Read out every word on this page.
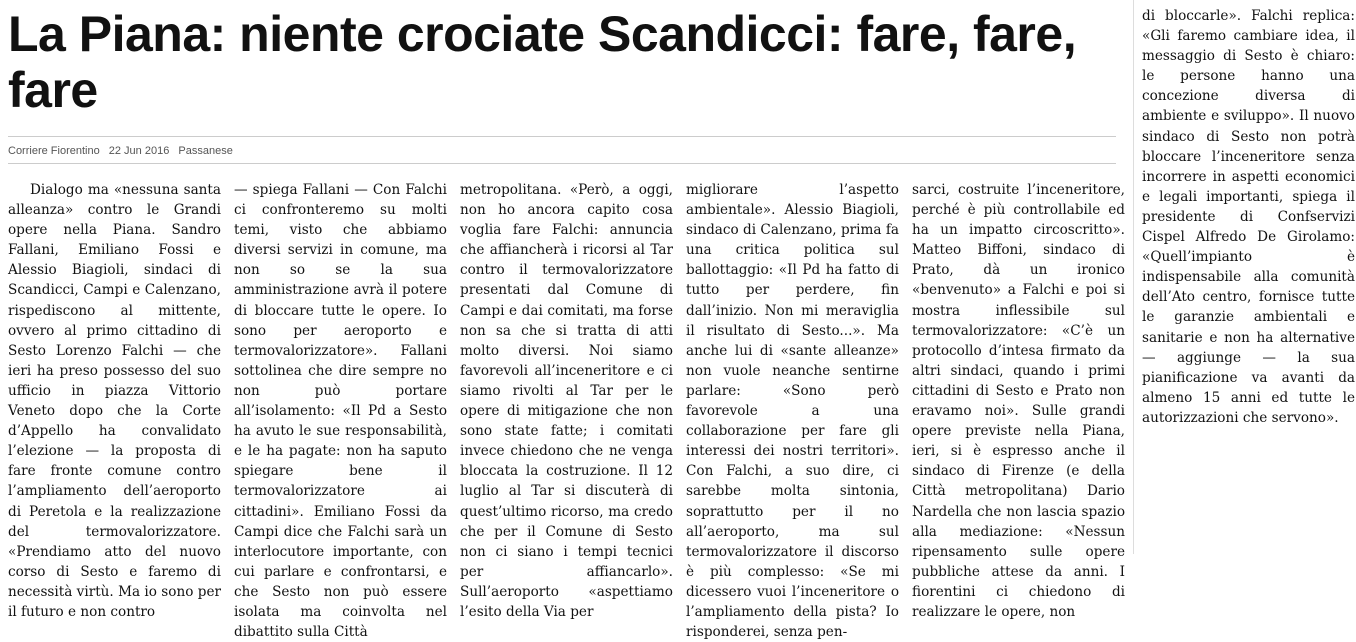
La Piana: niente crociate Scandicci: fare, fare, fare
Corriere Fiorentino 22 Jun 2016 Passanese

Dialogo ma «nessuna santa alleanza» contro le Grandi opere nella Piana. Sandro Fallani, Emiliano Fossi e Alessio Biagioli, sindaci di Scandicci, Campi e Calenzano, rispediscono al mittente, ovvero al primo cittadino di Sesto Lorenzo Falchi — che ieri ha preso possesso del suo ufficio in piazza Vittorio Veneto dopo che la Corte d’Appello ha convalidato l’elezione — la proposta di fare fronte comune contro l’ampliamento dell’aeroporto di Peretola e la realizzazione del termovalorizzatore. «Prendiamo atto del nuovo corso di Sesto e faremo di necessità virtù. Ma io sono per il futuro e non contro

— spiega Fallani — Con Falchi ci confronteremo su molti temi, visto che abbiamo diversi servizi in comune, ma non so se la sua amministrazione avrà il potere di bloccare tutte le opere. Io sono per aeroporto e termovalorizzatore». Fallani sottolinea che dire sempre no non può portare all’isolamento: «Il Pd a Sesto ha avuto le sue responsabilità, e le ha pagate: non ha saputo spiegare bene il termovalorizzatore ai cittadini». Emiliano Fossi da Campi dice che Falchi sarà un interlocutore importante, con cui parlare e confrontarsi, e che Sesto non può essere isolata ma coinvolta nel dibattito sulla Città

metropolitana. «Però, a oggi, non ho ancora capito cosa voglia fare Falchi: annuncia che affiancherà i ricorsi al Tar contro il termovalorizzatore presentati dal Comune di Campi e dai comitati, ma forse non sa che si tratta di atti molto diversi. Noi siamo favorevoli all’inceneritore e ci siamo rivolti al Tar per le opere di mitigazione che non sono state fatte; i comitati invece chiedono che ne venga bloccata la costruzione. Il 12 luglio al Tar si discuterà di quest’ultimo ricorso, ma credo che per il Comune di Sesto non ci siano i tempi tecnici per affiancarlo». Sull’aeroporto «aspettiamo l’esito della Via per

migliorare l’aspetto ambientale». Alessio Biagioli, sindaco di Calenzano, prima fa una critica politica sul ballottaggio: «Il Pd ha fatto di tutto per perdere, fin dall’inizio. Non mi meraviglia il risultato di Sesto...». Ma anche lui di «sante alleanze» non vuole neanche sentirne parlare: «Sono però favorevole a una collaborazione per fare gli interessi dei nostri territori». Con Falchi, a suo dire, ci sarebbe molta sintonia, soprattutto per il no all’aeroporto, ma sul termovalorizzatore il discorso è più complesso: «Se mi dicessero vuoi l’inceneritore o l’ampliamento della pista? Io risponderei, senza pen-

sarci, costruite l’inceneritore, perché è più controllabile ed ha un impatto circoscritto». Matteo Biffoni, sindaco di Prato, dà un ironico «benvenuto» a Falchi e poi si mostra inflessibile sul termovalorizzatore: «C’è un protocollo d’intesa firmato da altri sindaci, quando i primi cittadini di Sesto e Prato non eravamo noi». Sulle grandi opere previste nella Piana, ieri, si è espresso anche il sindaco di Firenze (e della Città metropolitana) Dario Nardella che non lascia spazio alla mediazione: «Nessun ripensamento sulle opere pubbliche attese da anni. I fiorentini ci chiedono di realizzare le opere, non

di bloccarle». Falchi replica: «Gli faremo cambiare idea, il messaggio di Sesto è chiaro: le persone hanno una concezione diversa di ambiente e sviluppo». Il nuovo sindaco di Sesto non potrà bloccare l’inceneritore senza incorrere in aspetti economici e legali importanti, spiega il presidente di Confservizi Cispel Alfredo De Girolamo: «Quell’impianto è indispensabile alla comunità dell’Ato centro, fornisce tutte le garanzie ambientali e sanitarie e non ha alternative — aggiunge — la sua pianificazione va avanti da almeno 15 anni ed tutte le autorizzazioni che servono».
